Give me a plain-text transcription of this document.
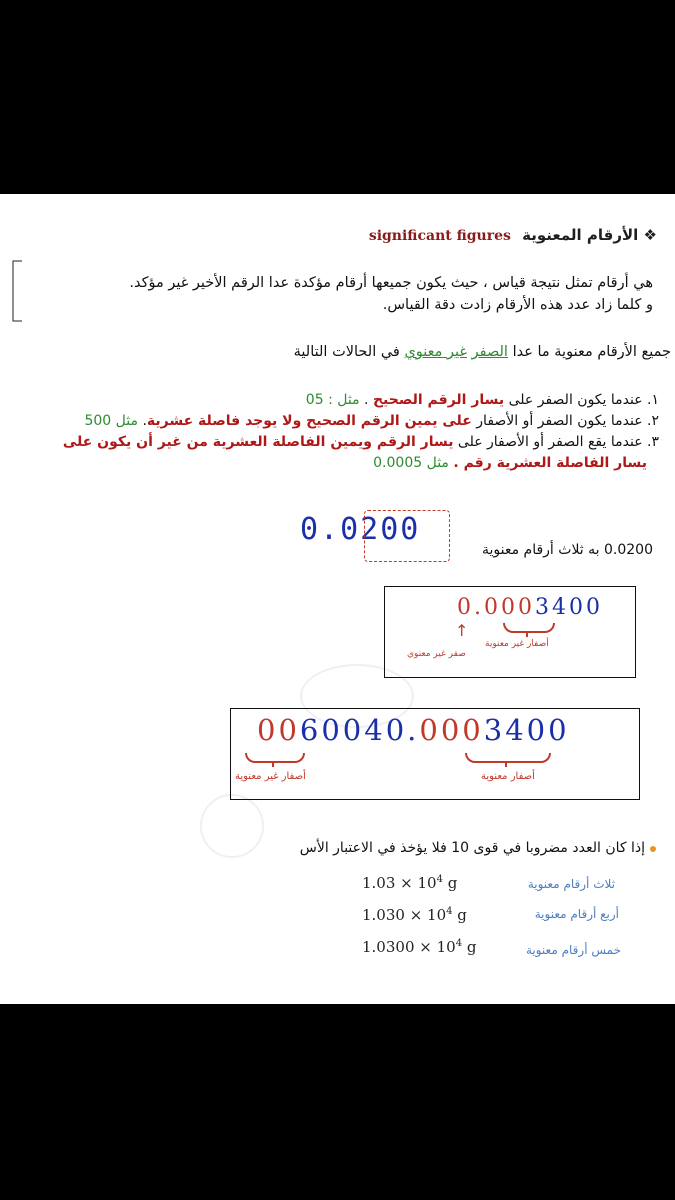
❖ الأرقام المعنوية significant figures
هي أرقام تمثل نتيجة قياس ، حيث يكون جميعها أرقام مؤكدة عدا الرقم الأخير غير مؤكد.
و كلما زاد عدد هذه الأرقام زادت دقة القياس.
جميع الأرقام معنوية ما عدا الصفر غير معنوي في الحالات التالية
١. عندما يكون الصفر على يسار الرقم الصحيح . مثل : 05
٢. عندما يكون الصفر أو الأصفار على يمين الرقم الصحيح ولا يوجد فاصلة عشرية. مثل 500
٣. عندما يقع الصفر أو الأصفار على يسار الرقم ويمين الفاصلة العشرية من غير أن يكون على
يسار الفاصلة العشرية رقم . مثل 0.0005
0.0200
0.0200 به ثلاث أرقام معنوية
0.0003400
أصفار غير معنوية
↑
صفر غير معنوي
0060040.0003400
أصفار غير معنوية	أصفار معنوية
إذا كان العدد مضروبا في قوى 10 فلا يؤخذ في الاعتبار الأس
$1.03 \times 10^4$ g	ثلاث أرقام معنوية
$1.030 \times 10^4$ g	أربع أرقام معنوية
$1.0300 \times 10^4$ g	خمس أرقام معنوية
